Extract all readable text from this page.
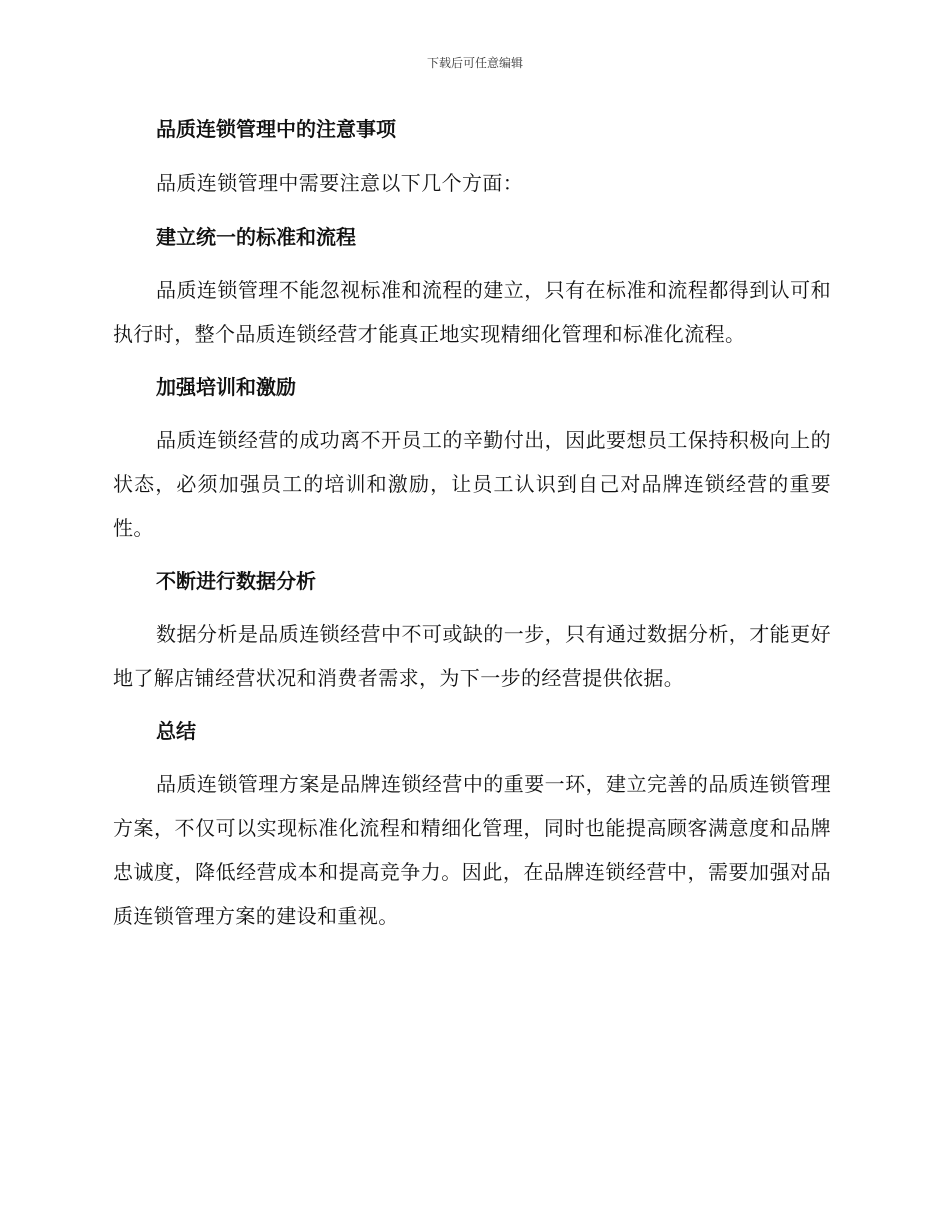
下载后可任意编辑
品质连锁管理中的注意事项

品质连锁管理中需要注意以下几个方面：

建立统一的标准和流程

品质连锁管理不能忽视标准和流程的建立，只有在标准和流程都得到认可和执行时，整个品质连锁经营才能真正地实现精细化管理和标准化流程。

加强培训和激励

品质连锁经营的成功离不开员工的辛勤付出，因此要想员工保持积极向上的状态，必须加强员工的培训和激励，让员工认识到自己对品牌连锁经营的重要性。

不断进行数据分析

数据分析是品质连锁经营中不可或缺的一步，只有通过数据分析，才能更好地了解店铺经营状况和消费者需求，为下一步的经营提供依据。

总结

品质连锁管理方案是品牌连锁经营中的重要一环，建立完善的品质连锁管理方案，不仅可以实现标准化流程和精细化管理，同时也能提高顾客满意度和品牌忠诚度，降低经营成本和提高竞争力。因此，在品牌连锁经营中，需要加强对品质连锁管理方案的建设和重视。
